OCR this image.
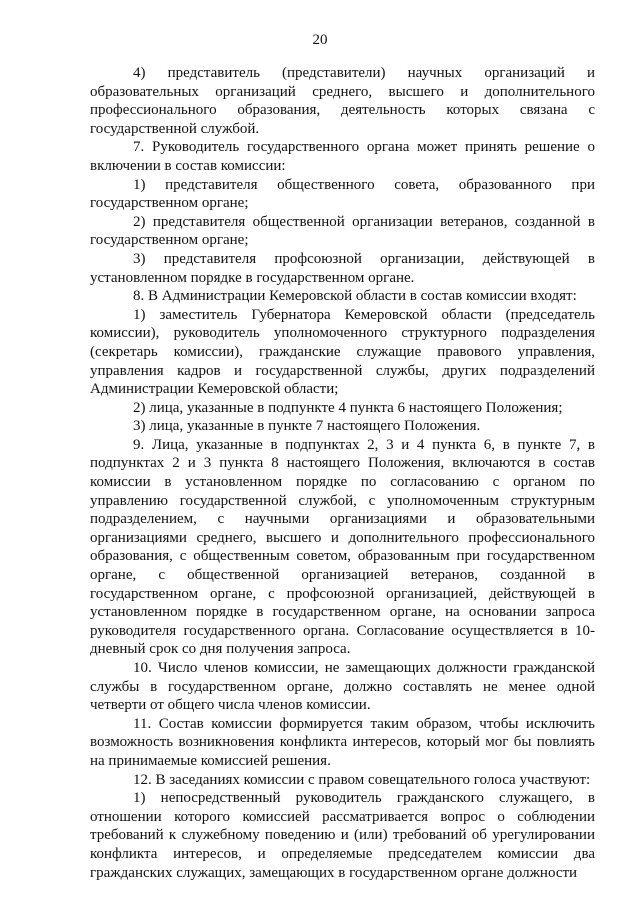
20

4) представитель (представители) научных организаций и образовательных организаций среднего, высшего и дополнительного профессионального образования, деятельность которых связана с государственной службой.

7. Руководитель государственного органа может принять решение о включении в состав комиссии:

1) представителя общественного совета, образованного при государственном органе;

2) представителя общественной организации ветеранов, созданной в государственном органе;

3) представителя профсоюзной организации, действующей в установленном порядке в государственном органе.

8. В Администрации Кемеровской области в состав комиссии входят:

1) заместитель Губернатора Кемеровской области (председатель комиссии), руководитель уполномоченного структурного подразделения (секретарь комиссии), гражданские служащие правового управления, управления кадров и государственной службы, других подразделений Администрации Кемеровской области;

2) лица, указанные в подпункте 4 пункта 6 настоящего Положения;

3) лица, указанные в пункте 7 настоящего Положения.

9. Лица, указанные в подпунктах 2, 3 и 4 пункта 6, в пункте 7, в подпунктах 2 и 3 пункта 8 настоящего Положения, включаются в состав комиссии в установленном порядке по согласованию с органом по управлению государственной службой, с уполномоченным структурным подразделением, с научными организациями и образовательными организациями среднего, высшего и дополнительного профессионального образования, с общественным советом, образованным при государственном органе, с общественной организацией ветеранов, созданной в государственном органе, с профсоюзной организацией, действующей в установленном порядке в государственном органе, на основании запроса руководителя государственного органа. Согласование осуществляется в 10-дневный срок со дня получения запроса.

10. Число членов комиссии, не замещающих должности гражданской службы в государственном органе, должно составлять не менее одной четверти от общего числа членов комиссии.

11. Состав комиссии формируется таким образом, чтобы исключить возможность возникновения конфликта интересов, который мог бы повлиять на принимаемые комиссией решения.

12. В заседаниях комиссии с правом совещательного голоса участвуют:

1) непосредственный руководитель гражданского служащего, в отношении которого комиссией рассматривается вопрос о соблюдении требований к служебному поведению и (или) требований об урегулировании конфликта интересов, и определяемые председателем комиссии два гражданских служащих, замещающих в государственном органе должности
